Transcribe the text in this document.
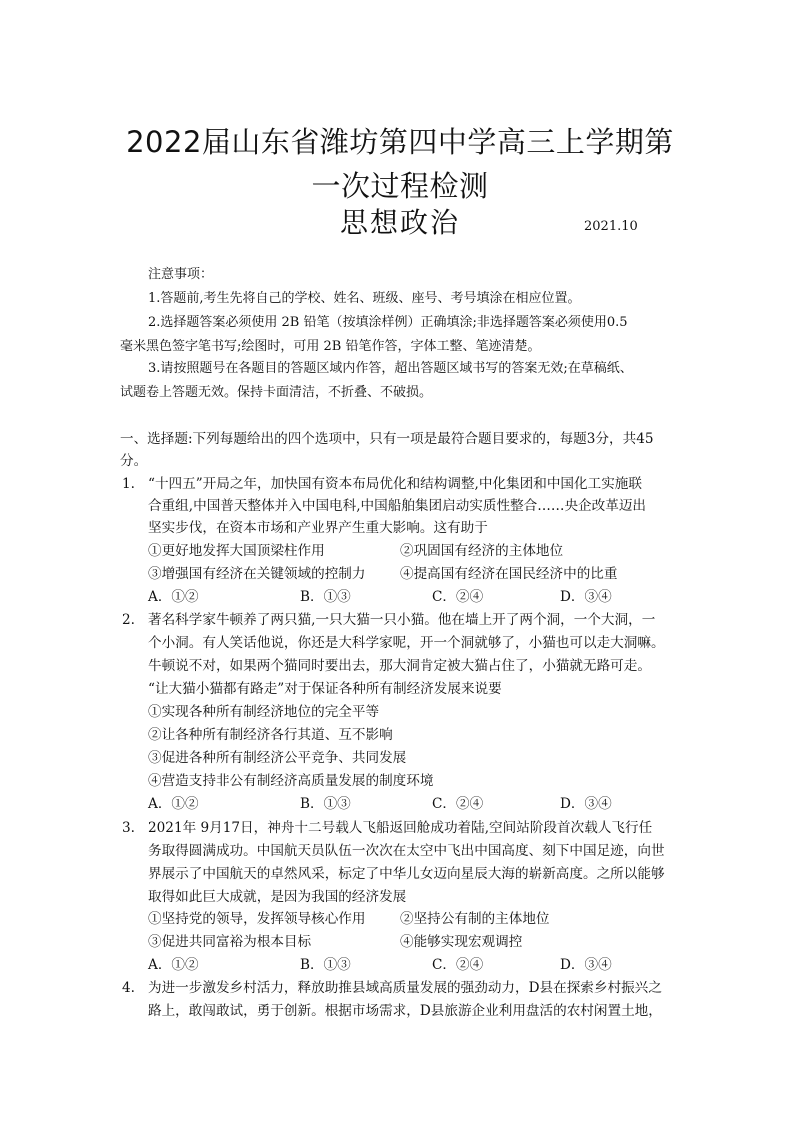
2022届山东省潍坊第四中学高三上学期第
一次过程检测
思想政治	2021.10
注意事项：
1.答题前,考生先将自己的学校、姓名、班级、座号、考号填涂在相应位置。
2.选择题答案必须使用 2B 铅笔（按填涂样例）正确填涂;非选择题答案必须使用0.5
毫米黑色签字笔书写;绘图时，可用 2B 铅笔作答，字体工整、笔迹清楚。
3.请按照题号在各题目的答题区域内作答，超出答题区域书写的答案无效;在草稿纸、
试题卷上答题无效。保持卡面清洁，不折叠、不破损。
一、选择题:下列每题给出的四个选项中，只有一项是最符合题目要求的，每题3分，共45
分。
1. “十四五”开局之年，加快国有资本布局优化和结构调整,中化集团和中国化工实施联
合重组,中国普天整体并入中国电科,中国船舶集团启动实质性整合……央企改革迈出
坚实步伐，在资本市场和产业界产生重大影响。这有助于
①更好地发挥大国顶梁柱作用	②巩固国有经济的主体地位
③增强国有经济在关键领域的控制力	④提高国有经济在国民经济中的比重
A．①②	B．①③	C．②④	D．③④
2. 著名科学家牛顿养了两只猫,一只大猫一只小猫。他在墙上开了两个洞，一个大洞，一
个小洞。有人笑话他说，你还是大科学家呢，开一个洞就够了，小猫也可以走大洞嘛。
牛顿说不对，如果两个猫同时要出去，那大洞肯定被大猫占住了，小猫就无路可走。
“让大猫小猫都有路走”对于保证各种所有制经济发展来说要
①实现各种所有制经济地位的完全平等
②让各种所有制经济各行其道、互不影响
③促进各种所有制经济公平竞争、共同发展
④营造支持非公有制经济高质量发展的制度环境
A．①②	B．①③	C．②④	D．③④
3. 2021年 9月17日，神舟十二号载人飞船返回舱成功着陆,空间站阶段首次载人飞行任
务取得圆满成功。中国航天员队伍一次次在太空中飞出中国高度、刻下中国足迹，向世
界展示了中国航天的卓然风采，标定了中华儿女迈向星辰大海的崭新高度。之所以能够
取得如此巨大成就，是因为我国的经济发展
①坚持党的领导，发挥领导核心作用	②坚持公有制的主体地位
③促进共同富裕为根本目标	④能够实现宏观调控
A．①②	B．①③	C．②④	D．③④
4. 为进一步激发乡村活力，释放助推县域高质量发展的强劲动力，D县在探索乡村振兴之
路上，敢闯敢试，勇于创新。根据市场需求，D县旅游企业利用盘活的农村闲置土地，
